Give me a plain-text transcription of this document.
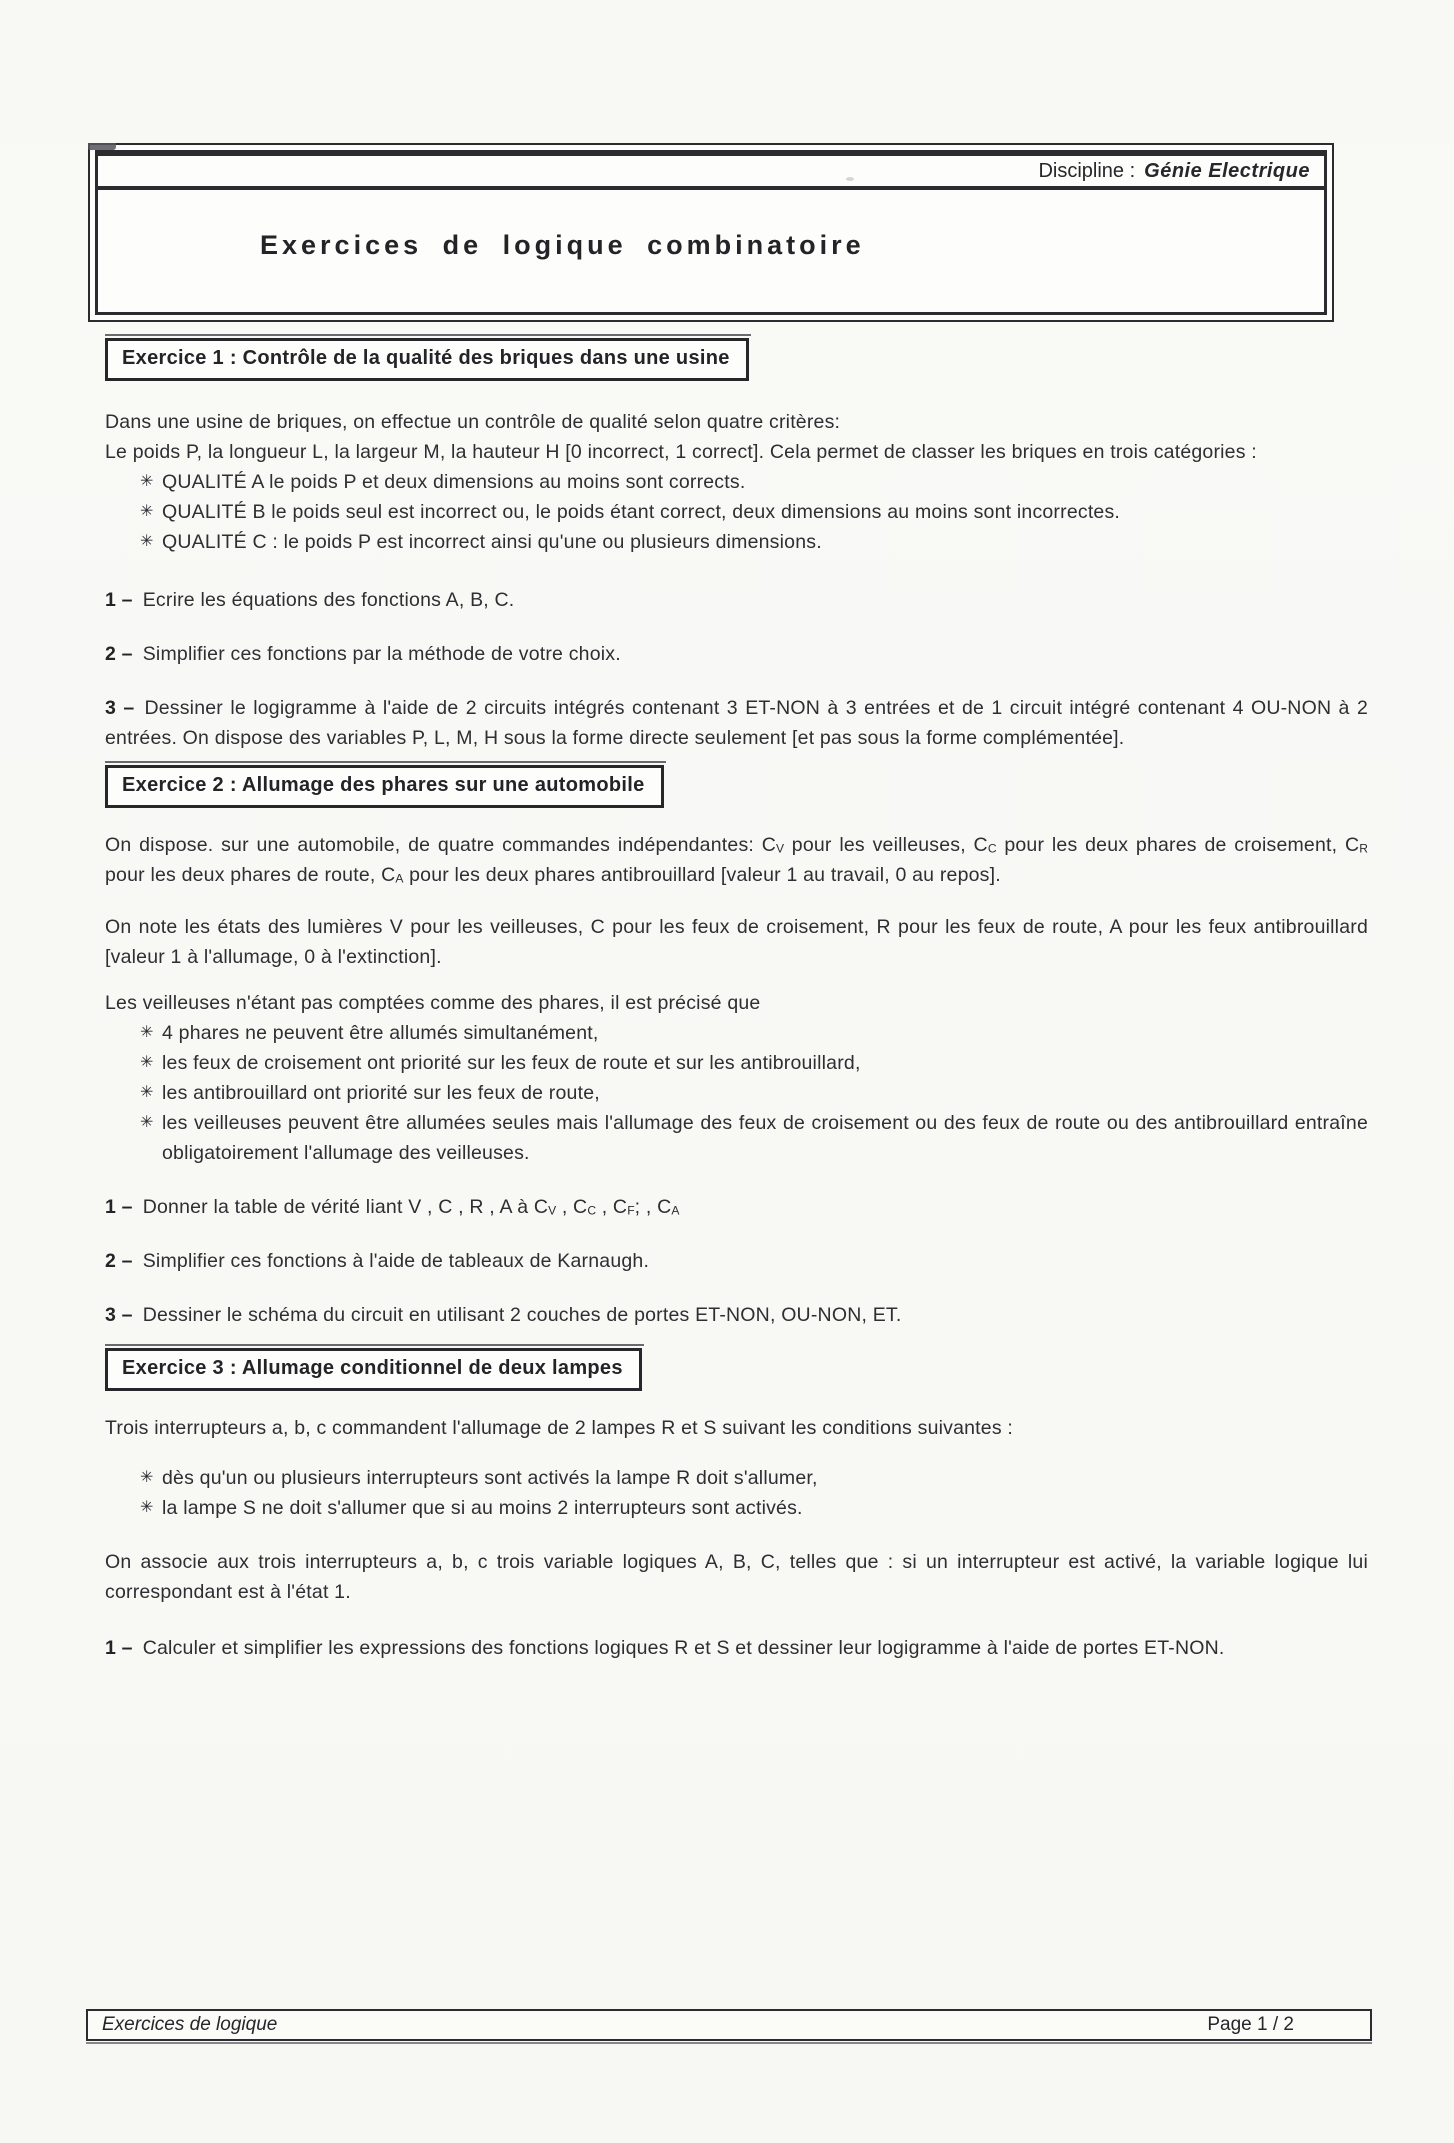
Discipline : Génie Electrique
Exercices de logique combinatoire
Exercice 1 : Contrôle de la qualité des briques dans une usine
Dans une usine de briques, on effectue un contrôle de qualité selon quatre critères:
Le poids P, la longueur L, la largeur M, la hauteur H [0 incorrect, 1 correct]. Cela permet de classer les briques en trois catégories :
✳ QUALITÉ A le poids P et deux dimensions au moins sont corrects.
✳ QUALITÉ B le poids seul est incorrect ou, le poids étant correct, deux dimensions au moins sont incorrectes.
✳ QUALITÉ C : le poids P est incorrect ainsi qu'une ou plusieurs dimensions.
1 – Ecrire les équations des fonctions A, B, C.
2 – Simplifier ces fonctions par la méthode de votre choix.
3 – Dessiner le logigramme à l'aide de 2 circuits intégrés contenant 3 ET-NON à 3 entrées et de 1 circuit intégré contenant 4 OU-NON à 2 entrées. On dispose des variables P, L, M, H sous la forme directe seulement [et pas sous la forme complémentée].
Exercice 2 : Allumage des phares sur une automobile
On dispose. sur une automobile, de quatre commandes indépendantes: $C_V$ pour les veilleuses, $C_C$ pour les deux phares de croisement, $C_R$ pour les deux phares de route, $C_A$ pour les deux phares antibrouillard [valeur 1 au travail, 0 au repos].
On note les états des lumières V pour les veilleuses, C pour les feux de croisement, R pour les feux de route, A pour les feux antibrouillard [valeur 1 à l'allumage, 0 à l'extinction].
Les veilleuses n'étant pas comptées comme des phares, il est précisé que
✳ 4 phares ne peuvent être allumés simultanément,
✳ les feux de croisement ont priorité sur les feux de route et sur les antibrouillard,
✳ les antibrouillard ont priorité sur les feux de route,
✳ les veilleuses peuvent être allumées seules mais l'allumage des feux de croisement ou des feux de route ou des antibrouillard entraîne obligatoirement l'allumage des veilleuses.
1 – Donner la table de vérité liant V , C , R , A à $C_V$ , $C_C$ , $C_F$; , $C_A$
2 – Simplifier ces fonctions à l'aide de tableaux de Karnaugh.
3 – Dessiner le schéma du circuit en utilisant 2 couches de portes ET-NON, OU-NON, ET.
Exercice 3 : Allumage conditionnel de deux lampes
Trois interrupteurs a, b, c commandent l'allumage de 2 lampes R et S suivant les conditions suivantes :
✳ dès qu'un ou plusieurs interrupteurs sont activés la lampe R doit s'allumer,
✳ la lampe S ne doit s'allumer que si au moins 2 interrupteurs sont activés.
On associe aux trois interrupteurs a, b, c trois variable logiques A, B, C, telles que : si un interrupteur est activé, la variable logique lui correspondant est à l'état 1.
1 – Calculer et simplifier les expressions des fonctions logiques R et S et dessiner leur logigramme à l'aide de portes ET-NON.
Exercices de logique	Page 1 / 2
